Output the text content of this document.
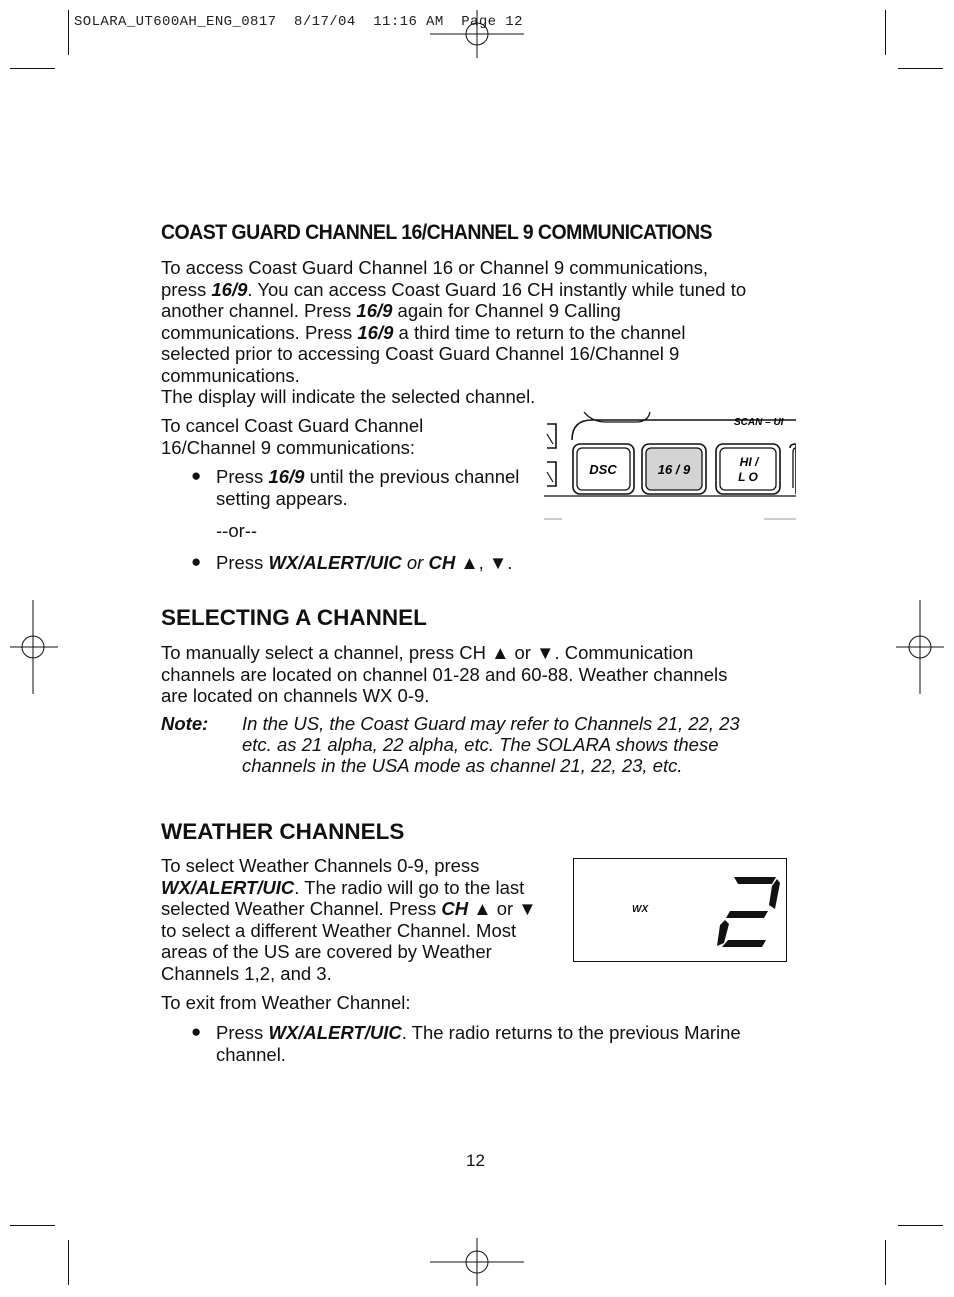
SOLARA_UT600AH_ENG_0817  8/17/04  11:16 AM  Page 12
COAST GUARD CHANNEL 16/CHANNEL 9 COMMUNICATIONS
To access Coast Guard Channel 16 or Channel 9 communications,
press 16/9. You can access Coast Guard 16 CH instantly while tuned to
another channel. Press 16/9 again for Channel 9 Calling
communications. Press 16/9 a third time to return to the channel
selected prior to accessing Coast Guard Channel 16/Channel 9
communications.
The display will indicate the selected channel.
To cancel Coast Guard Channel
16/Channel 9 communications:
● Press 16/9 until the previous channel
setting appears.
--or--
● Press WX/ALERT/UIC or CH ▲, ▼.
SELECTING A CHANNEL
To manually select a channel, press CH ▲ or ▼. Communication
channels are located on channel 01-28 and 60-88. Weather channels
are located on channels WX 0-9.
Note: In the US, the Coast Guard may refer to Channels 21, 22, 23
etc. as 21 alpha, 22 alpha, etc. The SOLARA shows these
channels in the USA mode as channel 21, 22, 23, etc.
WEATHER CHANNELS
To select Weather Channels 0-9, press
WX/ALERT/UIC. The radio will go to the last
selected Weather Channel. Press CH ▲ or ▼
to select a different Weather Channel. Most
areas of the US are covered by Weather
Channels 1,2, and 3.
To exit from Weather Channel:
● Press WX/ALERT/UIC. The radio returns to the previous Marine
channel.
SCAN – UI
DSC	16 / 9	HI /
L O
WX
2
12
